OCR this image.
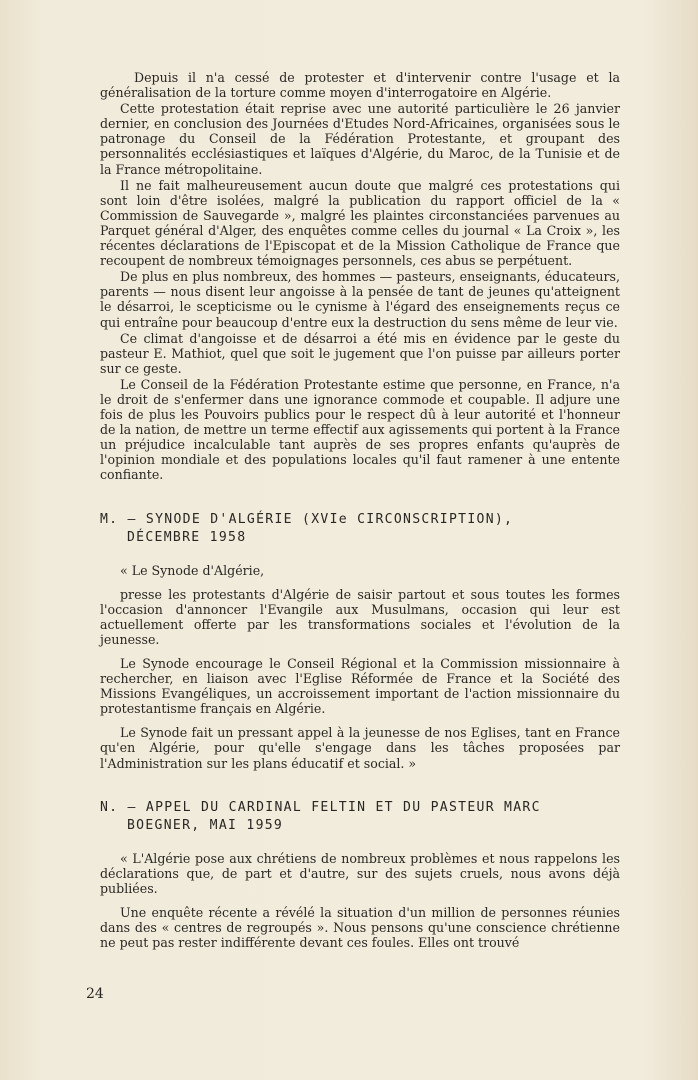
Depuis il n'a cessé de protester et d'intervenir contre l'usage et la généralisation de la torture comme moyen d'interrogatoire en Algérie.

Cette protestation était reprise avec une autorité particulière le 26 janvier dernier, en conclusion des Journées d'Etudes Nord-Africaines, organisées sous le patronage du Conseil de la Fédération Protestante, et groupant des personnalités ecclésiastiques et laïques d'Algérie, du Maroc, de la Tunisie et de la France métropolitaine.

Il ne fait malheureusement aucun doute que malgré ces protestations qui sont loin d'être isolées, malgré la publication du rapport officiel de la « Commission de Sauvegarde », malgré les plaintes circonstanciées parvenues au Parquet général d'Alger, des enquêtes comme celles du journal « La Croix », les récentes déclarations de l'Episcopat et de la Mission Catholique de France que recoupent de nombreux témoignages personnels, ces abus se perpétuent.

De plus en plus nombreux, des hommes — pasteurs, enseignants, éducateurs, parents — nous disent leur angoisse à la pensée de tant de jeunes qu'atteignent le désarroi, le scepticisme ou le cynisme à l'égard des enseignements reçus ce qui entraîne pour beaucoup d'entre eux la destruction du sens même de leur vie.

Ce climat d'angoisse et de désarroi a été mis en évidence par le geste du pasteur E. Mathiot, quel que soit le jugement que l'on puisse par ailleurs porter sur ce geste.

Le Conseil de la Fédération Protestante estime que personne, en France, n'a le droit de s'enfermer dans une ignorance commode et coupable. Il adjure une fois de plus les Pouvoirs publics pour le respect dû à leur autorité et l'honneur de la nation, de mettre un terme effectif aux agissements qui portent à la France un préjudice incalculable tant auprès de ses propres enfants qu'auprès de l'opinion mondiale et des populations locales qu'il faut ramener à une entente confiante.

M. — SYNODE D'ALGÉRIE (XVIe CIRCONSCRIPTION),
DÉCEMBRE 1958

« Le Synode d'Algérie,

presse les protestants d'Algérie de saisir partout et sous toutes les formes l'occasion d'annoncer l'Evangile aux Musulmans, occasion qui leur est actuellement offerte par les transformations sociales et l'évolution de la jeunesse.

Le Synode encourage le Conseil Régional et la Commission missionnaire à rechercher, en liaison avec l'Eglise Réformée de France et la Société des Missions Evangéliques, un accroissement important de l'action missionnaire du protestantisme français en Algérie.

Le Synode fait un pressant appel à la jeunesse de nos Eglises, tant en France qu'en Algérie, pour qu'elle s'engage dans les tâches proposées par l'Administration sur les plans éducatif et social. »

N. — APPEL DU CARDINAL FELTIN ET DU PASTEUR MARC
BOEGNER, MAI 1959

« L'Algérie pose aux chrétiens de nombreux problèmes et nous rappelons les déclarations que, de part et d'autre, sur des sujets cruels, nous avons déjà publiées.

Une enquête récente a révélé la situation d'un million de personnes réunies dans des « centres de regroupés ». Nous pensons qu'une conscience chrétienne ne peut pas rester indifférente devant ces foules. Elles ont trouvé

24
